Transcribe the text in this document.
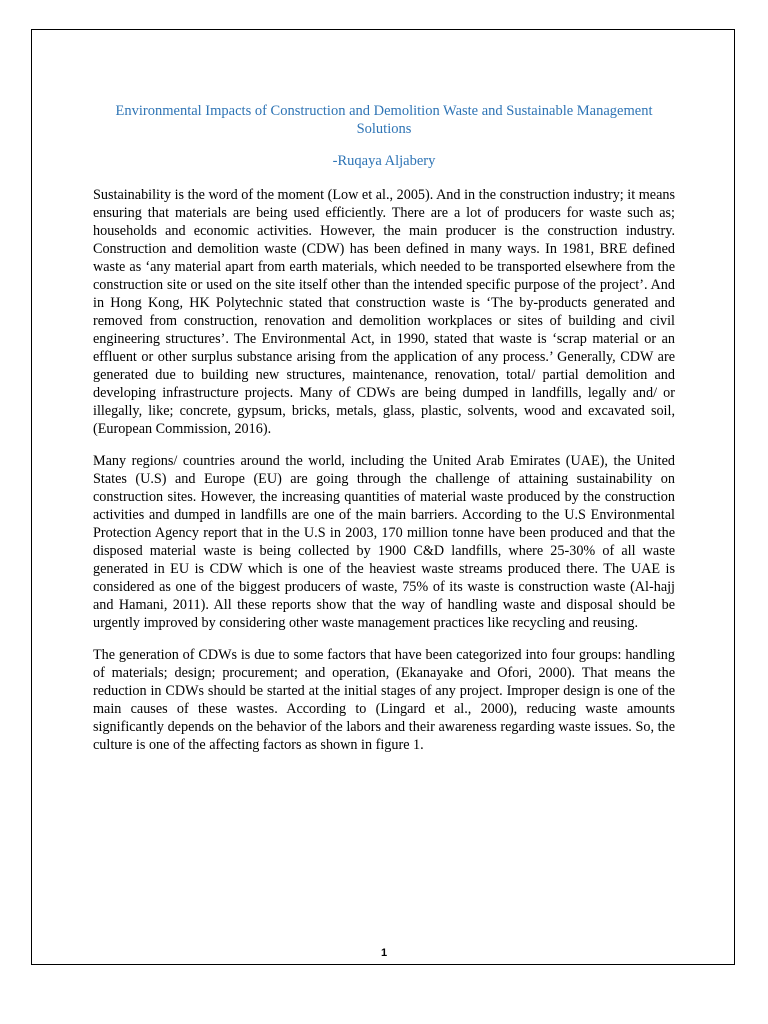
Environmental Impacts of Construction and Demolition Waste and Sustainable Management Solutions
-Ruqaya Aljabery

Sustainability is the word of the moment (Low et al., 2005). And in the construction industry; it means ensuring that materials are being used efficiently. There are a lot of producers for waste such as; households and economic activities. However, the main producer is the construction industry. Construction and demolition waste (CDW) has been defined in many ways. In 1981, BRE defined waste as ‘any material apart from earth materials, which needed to be transported elsewhere from the construction site or used on the site itself other than the intended specific purpose of the project’. And in Hong Kong, HK Polytechnic stated that construction waste is ‘The by-products generated and removed from construction, renovation and demolition workplaces or sites of building and civil engineering structures’. The Environmental Act, in 1990, stated that waste is ‘scrap material or an effluent or other surplus substance arising from the application of any process.’ Generally, CDW are generated due to building new structures, maintenance, renovation, total/ partial demolition and developing infrastructure projects. Many of CDWs are being dumped in landfills, legally and/ or illegally, like; concrete, gypsum, bricks, metals, glass, plastic, solvents, wood and excavated soil, (European Commission, 2016).

Many regions/ countries around the world, including the United Arab Emirates (UAE), the United States (U.S) and Europe (EU) are going through the challenge of attaining sustainability on construction sites. However, the increasing quantities of material waste produced by the construction activities and dumped in landfills are one of the main barriers. According to the U.S Environmental Protection Agency report that in the U.S in 2003, 170 million tonne have been produced and that the disposed material waste is being collected by 1900 C&D landfills, where 25-30% of all waste generated in EU is CDW which is one of the heaviest waste streams produced there. The UAE is considered as one of the biggest producers of waste, 75% of its waste is construction waste (Al-hajj and Hamani, 2011). All these reports show that the way of handling waste and disposal should be urgently improved by considering other waste management practices like recycling and reusing.

The generation of CDWs is due to some factors that have been categorized into four groups: handling of materials; design; procurement; and operation, (Ekanayake and Ofori, 2000). That means the reduction in CDWs should be started at the initial stages of any project. Improper design is one of the main causes of these wastes. According to (Lingard et al., 2000), reducing waste amounts significantly depends on the behavior of the labors and their awareness regarding waste issues. So, the culture is one of the affecting factors as shown in figure 1.

1
